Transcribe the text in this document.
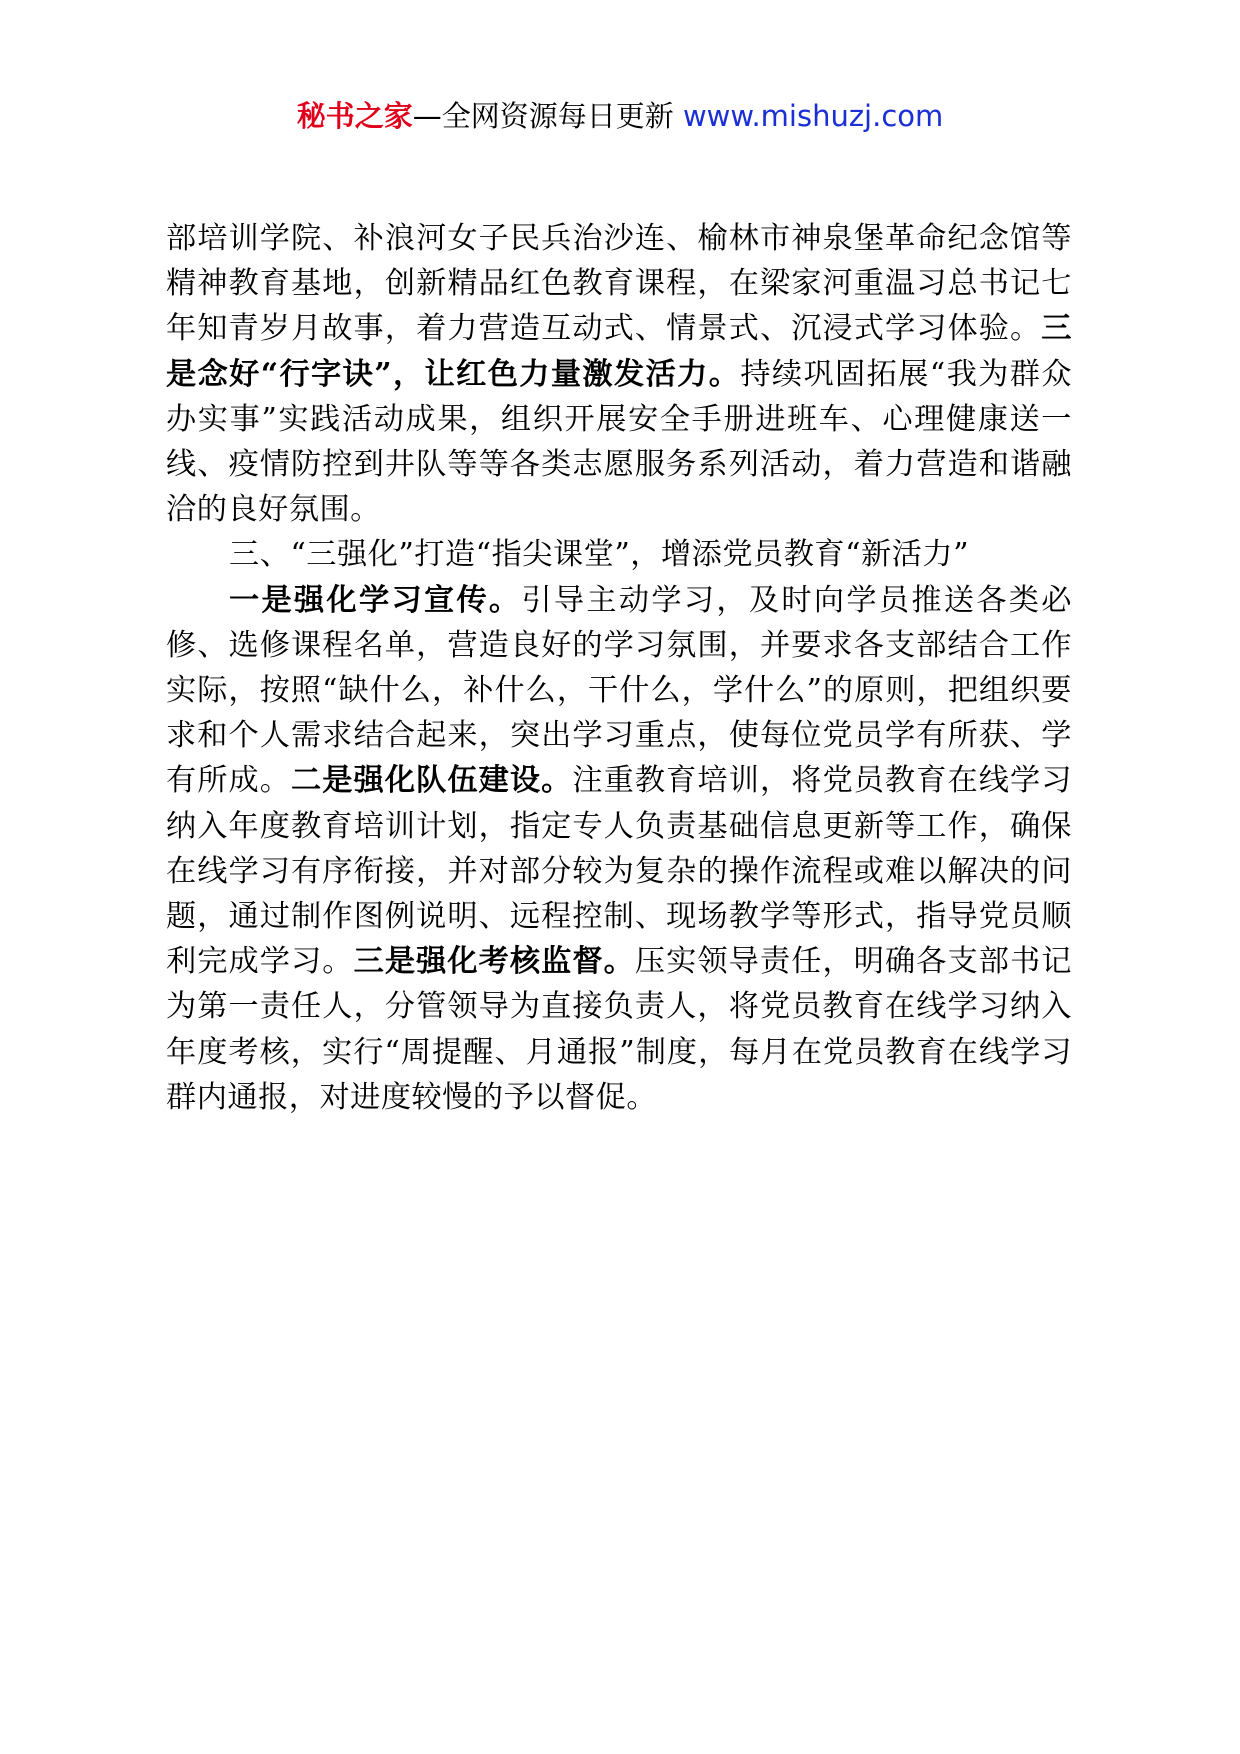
秘书之家—全网资源每日更新 www.mishuzj.com

部培训学院、补浪河女子民兵治沙连、榆林市神泉堡革命纪念馆等精神教育基地，创新精品红色教育课程，在梁家河重温习总书记七年知青岁月故事，着力营造互动式、情景式、沉浸式学习体验。三是念好“行字诀”，让红色力量激发活力。持续巩固拓展“我为群众办实事”实践活动成果，组织开展安全手册进班车、心理健康送一线、疫情防控到井队等等各类志愿服务系列活动，着力营造和谐融洽的良好氛围。

三、“三强化”打造“指尖课堂”，增添党员教育“新活力”

一是强化学习宣传。引导主动学习，及时向学员推送各类必修、选修课程名单，营造良好的学习氛围，并要求各支部结合工作实际，按照“缺什么，补什么，干什么，学什么”的原则，把组织要求和个人需求结合起来，突出学习重点，使每位党员学有所获、学有所成。二是强化队伍建设。注重教育培训，将党员教育在线学习纳入年度教育培训计划，指定专人负责基础信息更新等工作，确保在线学习有序衔接，并对部分较为复杂的操作流程或难以解决的问题，通过制作图例说明、远程控制、现场教学等形式，指导党员顺利完成学习。三是强化考核监督。压实领导责任，明确各支部书记为第一责任人，分管领导为直接负责人，将党员教育在线学习纳入年度考核，实行“周提醒、月通报”制度，每月在党员教育在线学习群内通报，对进度较慢的予以督促。
